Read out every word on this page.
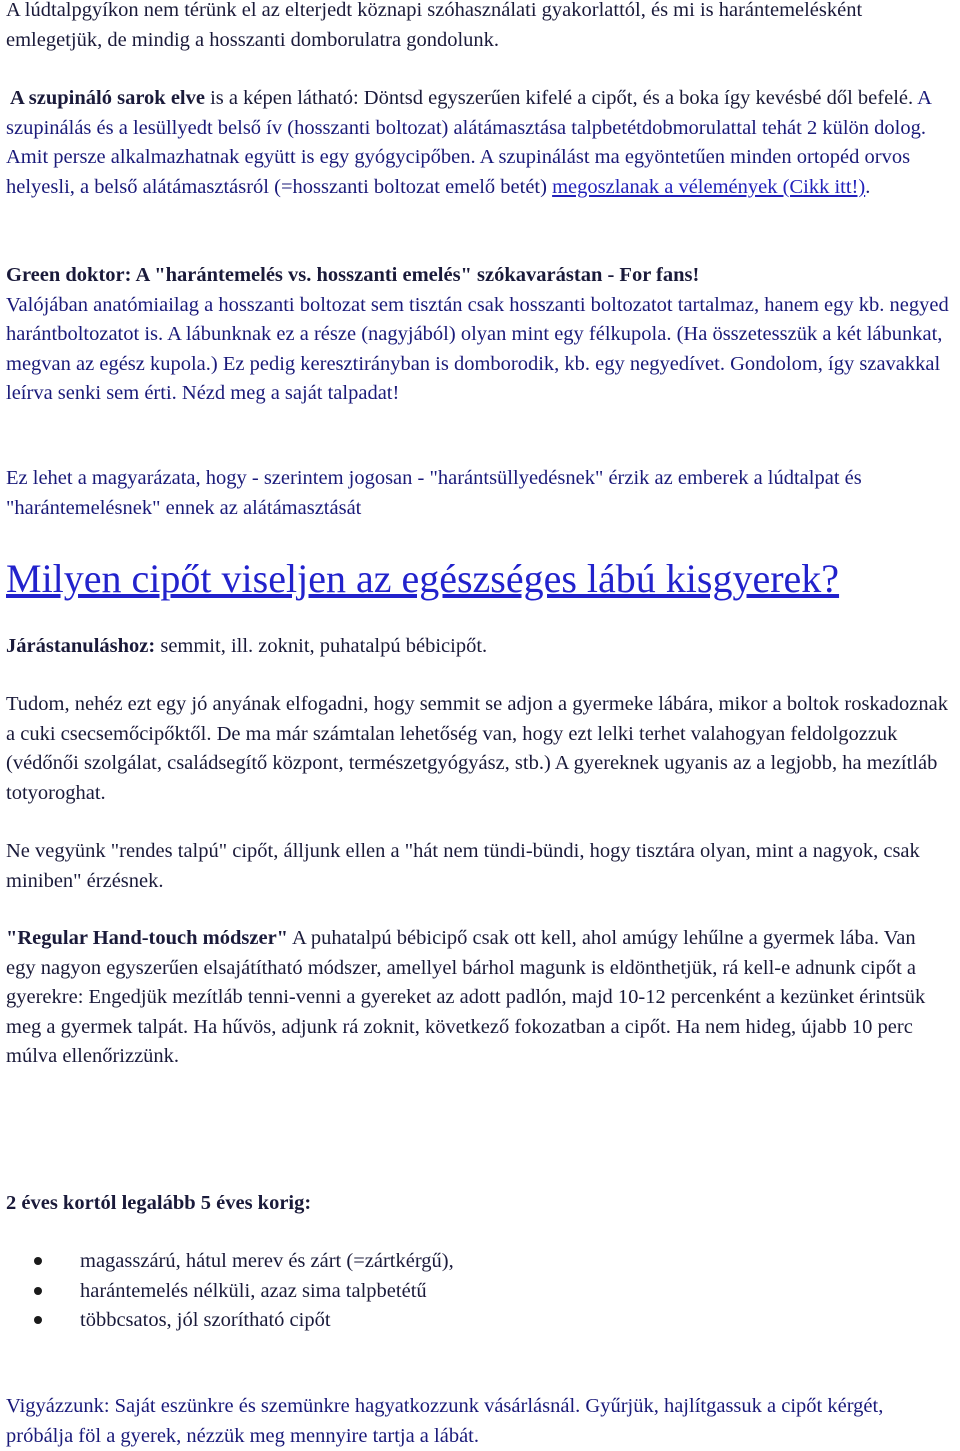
A lúdtalpgyíkon nem térünk el az elterjedt köznapi szóhasználati gyakorlattól, és mi is harántemelésként emlegetjük, de mindig a hosszanti domborulatra gondolunk.

A szupináló sarok elve is a képen látható: Döntsd egyszerűen kifelé a cipőt, és a boka így kevésbé dől befelé. A szupinálás és a lesüllyedt belső ív (hosszanti boltozat) alátámasztása talpbetétdobmorulattal tehát 2 külön dolog. Amit persze alkalmazhatnak együtt is egy gyógycipőben. A szupinálást ma egyöntetűen minden ortopéd orvos helyesli, a belső alátámasztásról (=hosszanti boltozat emelő betét) megoszlanak a vélemények (Cikk itt!).

Green doktor: A "harántemelés vs. hosszanti emelés" szókavarástan - For fans!
Valójában anatómiailag a hosszanti boltozat sem tisztán csak hosszanti boltozatot tartalmaz, hanem egy kb. negyed harántboltozatot is. A lábunknak ez a része (nagyjából) olyan mint egy félkupola. (Ha összetesszük a két lábunkat, megvan az egész kupola.) Ez pedig keresztirányban is domborodik, kb. egy negyedívet. Gondolom, így szavakkal leírva senki sem érti. Nézd meg a saját talpadat!

Ez lehet a magyarázata, hogy - szerintem jogosan - "harántsüllyedésnek" érzik az emberek a lúdtalpat és "harántemelésnek" ennek az alátámasztását

Milyen cipőt viseljen az egészséges lábú kisgyerek?

Járástanuláshoz: semmit, ill. zoknit, puhatalpú bébicipőt.

Tudom, nehéz ezt egy jó anyának elfogadni, hogy semmit se adjon a gyermeke lábára, mikor a boltok roskadoznak a cuki csecsemőcipőktől. De ma már számtalan lehetőség van, hogy ezt lelki terhet valahogyan feldolgozzuk (védőnői szolgálat, családsegítő központ, természetgyógyász, stb.) A gyereknek ugyanis az a legjobb, ha mezítláb totyoroghat.

Ne vegyünk "rendes talpú" cipőt, álljunk ellen a "hát nem tündi-bündi, hogy tisztára olyan, mint a nagyok, csak miniben" érzésnek.

"Regular Hand-touch módszer" A puhatalpú bébicipő csak ott kell, ahol amúgy lehűlne a gyermek lába. Van egy nagyon egyszerűen elsajátítható módszer, amellyel bárhol magunk is eldönthetjük, rá kell-e adnunk cipőt a gyerekre: Engedjük mezítláb tenni-venni a gyereket az adott padlón, majd 10-12 percenként a kezünket érintsük meg a gyermek talpát. Ha hűvös, adjunk rá zoknit, következő fokozatban a cipőt. Ha nem hideg, újabb 10 perc múlva ellenőrizzünk.

2 éves kortól legalább 5 éves korig:

magasszárú, hátul merev és zárt (=zártkérgű),
harántemelés nélküli, azaz sima talpbetétű
többcsatos, jól szorítható cipőt

Vigyázzunk: Saját eszünkre és szemünkre hagyatkozzunk vásárlásnál. Gyűrjük, hajlítgassuk a cipőt kérgét, próbálja föl a gyerek, nézzük meg mennyire tartja a lábát.
